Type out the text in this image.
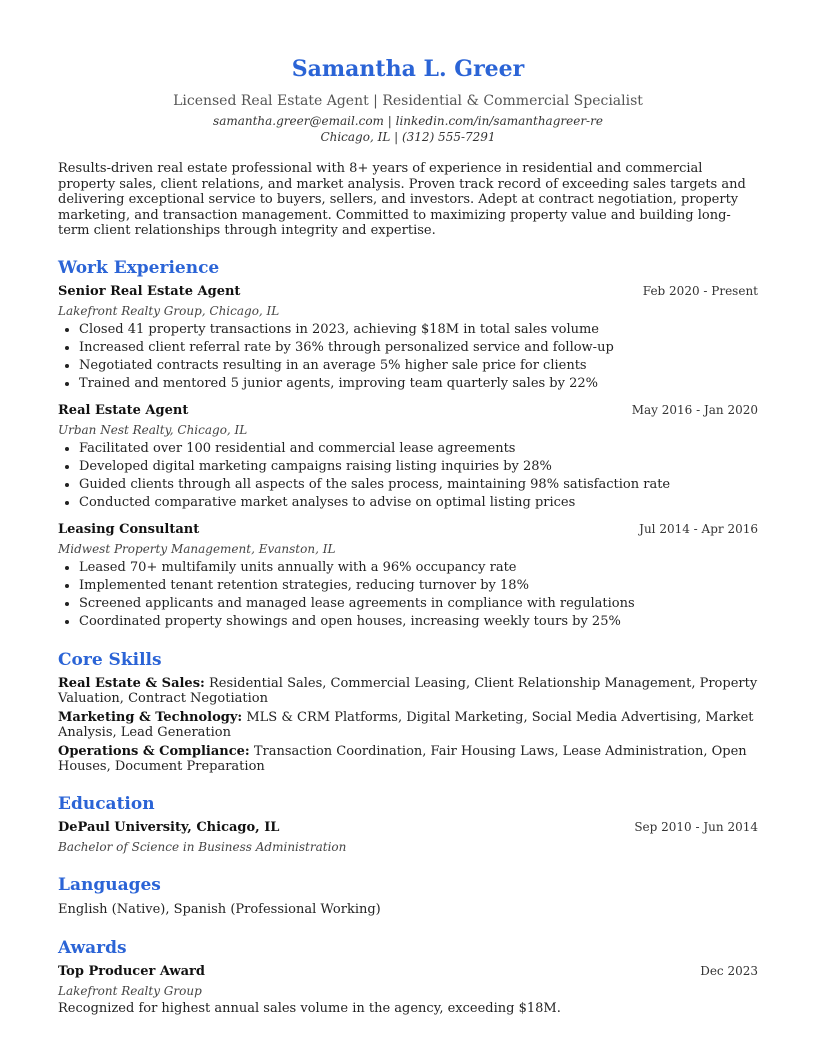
Samantha L. Greer
Licensed Real Estate Agent | Residential & Commercial Specialist
samantha.greer@email.com | linkedin.com/in/samanthagreer-re
Chicago, IL | (312) 555-7291
Results-driven real estate professional with 8+ years of experience in residential and commercial property sales, client relations, and market analysis. Proven track record of exceeding sales targets and delivering exceptional service to buyers, sellers, and investors. Adept at contract negotiation, property marketing, and transaction management. Committed to maximizing property value and building long-term client relationships through integrity and expertise.
Work Experience
Senior Real Estate Agent	Feb 2020 - Present
Lakefront Realty Group, Chicago, IL
• Closed 41 property transactions in 2023, achieving $18M in total sales volume
• Increased client referral rate by 36% through personalized service and follow-up
• Negotiated contracts resulting in an average 5% higher sale price for clients
• Trained and mentored 5 junior agents, improving team quarterly sales by 22%
Real Estate Agent	May 2016 - Jan 2020
Urban Nest Realty, Chicago, IL
• Facilitated over 100 residential and commercial lease agreements
• Developed digital marketing campaigns raising listing inquiries by 28%
• Guided clients through all aspects of the sales process, maintaining 98% satisfaction rate
• Conducted comparative market analyses to advise on optimal listing prices
Leasing Consultant	Jul 2014 - Apr 2016
Midwest Property Management, Evanston, IL
• Leased 70+ multifamily units annually with a 96% occupancy rate
• Implemented tenant retention strategies, reducing turnover by 18%
• Screened applicants and managed lease agreements in compliance with regulations
• Coordinated property showings and open houses, increasing weekly tours by 25%
Core Skills
Real Estate & Sales: Residential Sales, Commercial Leasing, Client Relationship Management, Property Valuation, Contract Negotiation
Marketing & Technology: MLS & CRM Platforms, Digital Marketing, Social Media Advertising, Market Analysis, Lead Generation
Operations & Compliance: Transaction Coordination, Fair Housing Laws, Lease Administration, Open Houses, Document Preparation
Education
DePaul University, Chicago, IL	Sep 2010 - Jun 2014
Bachelor of Science in Business Administration
Languages
English (Native), Spanish (Professional Working)
Awards
Top Producer Award	Dec 2023
Lakefront Realty Group
Recognized for highest annual sales volume in the agency, exceeding $18M.
